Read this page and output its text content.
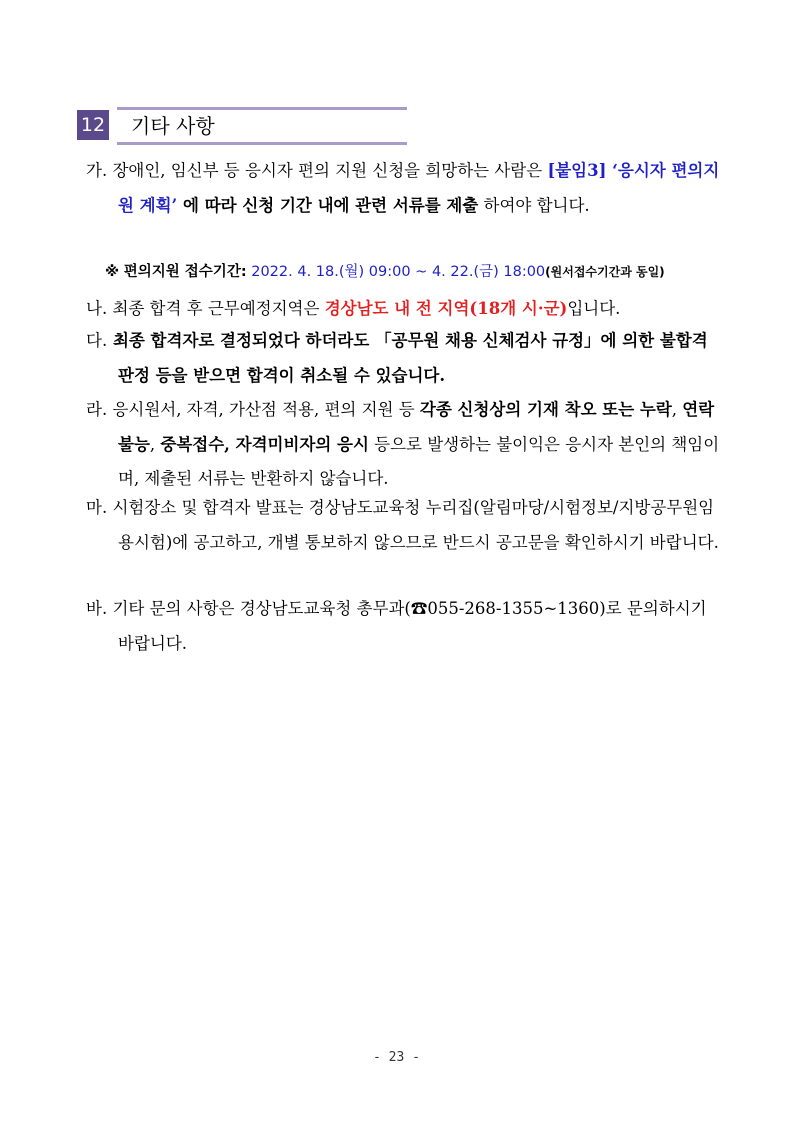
12 기타 사항
가. 장애인, 임신부 등 응시자 편의 지원 신청을 희망하는 사람은 [붙임3] ‘응시자 편의지원 계획’ 에 따라 신청 기간 내에 관련 서류를 제출 하여야 합니다.
※ 편의지원 접수기간: 2022. 4. 18.(월) 09:00 ~ 4. 22.(금) 18:00(원서접수기간과 동일)
나. 최종 합격 후 근무예정지역은 경상남도 내 전 지역(18개 시·군)입니다.
다. 최종 합격자로 결정되었다 하더라도 「공무원 채용 신체검사 규정」에 의한 불합격 판정 등을 받으면 합격이 취소될 수 있습니다.
라. 응시원서, 자격, 가산점 적용, 편의 지원 등 각종 신청상의 기재 착오 또는 누락, 연락 불능, 중복접수, 자격미비자의 응시 등으로 발생하는 불이익은 응시자 본인의 책임이며, 제출된 서류는 반환하지 않습니다.
마. 시험장소 및 합격자 발표는 경상남도교육청 누리집(알림마당/시험정보/지방공무원임용시험)에 공고하고, 개별 통보하지 않으므로 반드시 공고문을 확인하시기 바랍니다.
바. 기타 문의 사항은 경상남도교육청 총무과(☎055-268-1355~1360)로 문의하시기 바랍니다.
- 23 -
